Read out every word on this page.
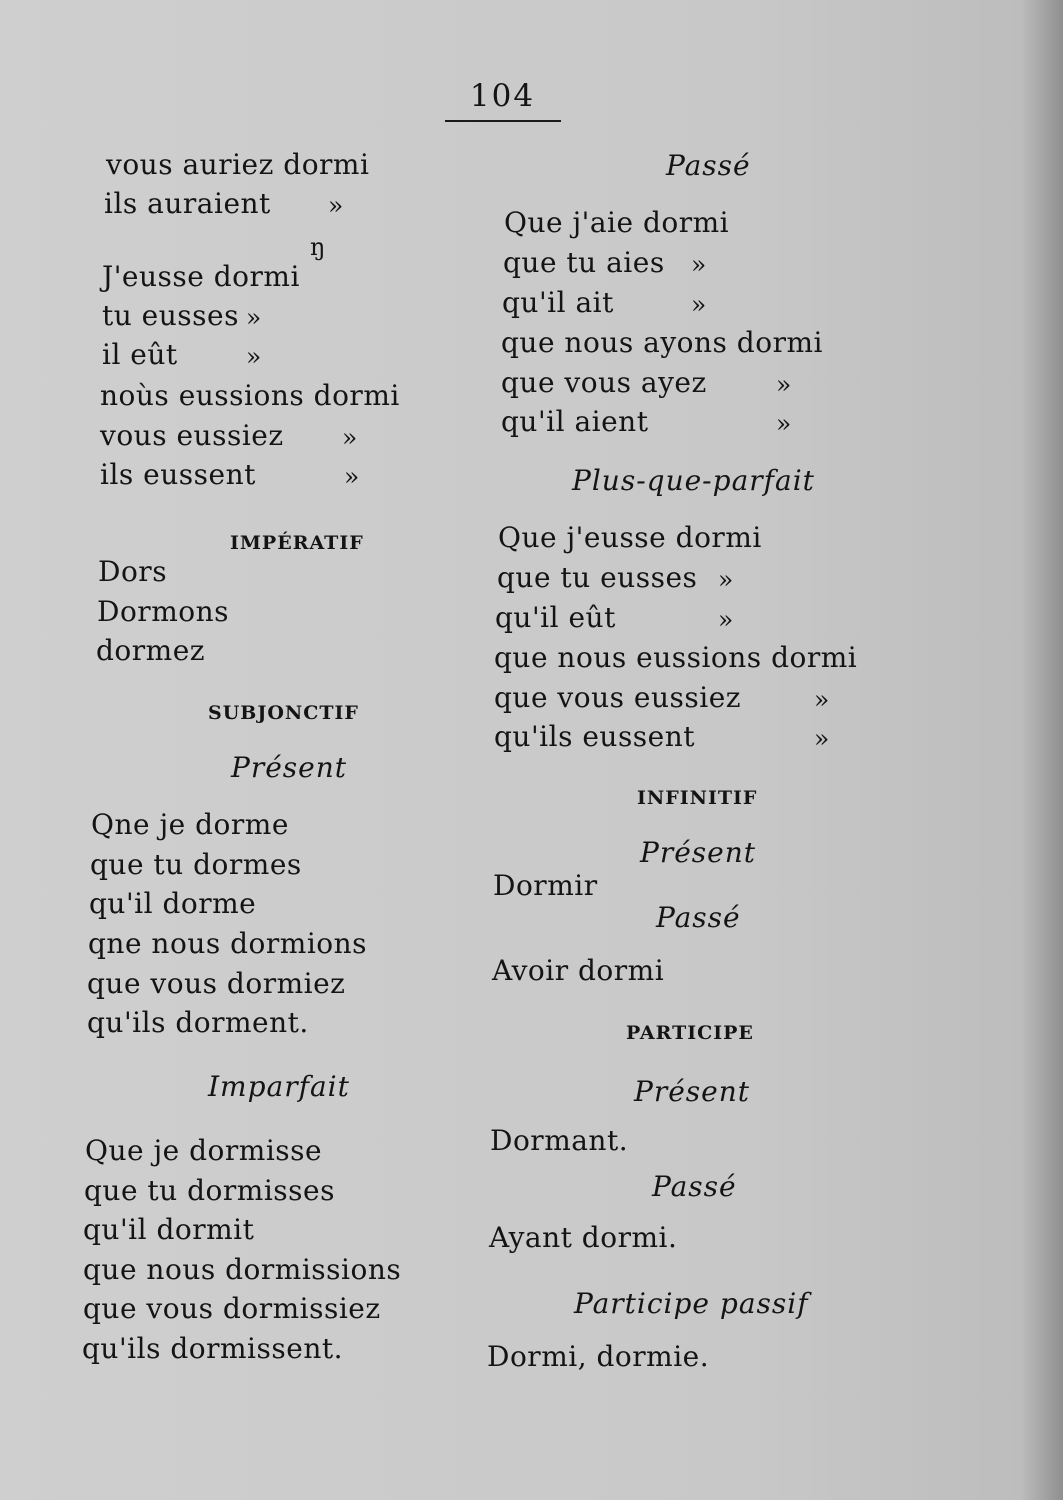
104
vous auriez dormi
ils auraient »
ŋ
J'eusse dormi
tu eusses »
il eût	»
noùs eussions dormi
vous eussiez »
ils eussent	»
IMPÉRATIF
Dors
Dormons
dormez
SUBJONCTIF
Présent
Qne je dorme
que tu dormes
qu'il dorme
qne nous dormions
que vous dormiez
qu'ils dorment.
Imparfait
Que je dormisse
que tu dormisses
qu'il dormit
que nous dormissions
que vous dormissiez
qu'ils dormissent.
Passé
Que j'aie dormi
que tu aies »
qu'il ait	»
que nous ayons dormi
que vous ayez	»
qu'il aient	»
Plus-que-parfait
Que j'eusse dormi
que tu eusses »
qu'il eût	»
que nous eussions dormi
que vous eussiez	»
qu'ils eussent	»
INFINITIF
Présent
Dormir
Passé
Avoir dormi
PARTICIPE
Présent
Dormant.
Passé
Ayant dormi.
Participe passif
Dormi, dormie.
